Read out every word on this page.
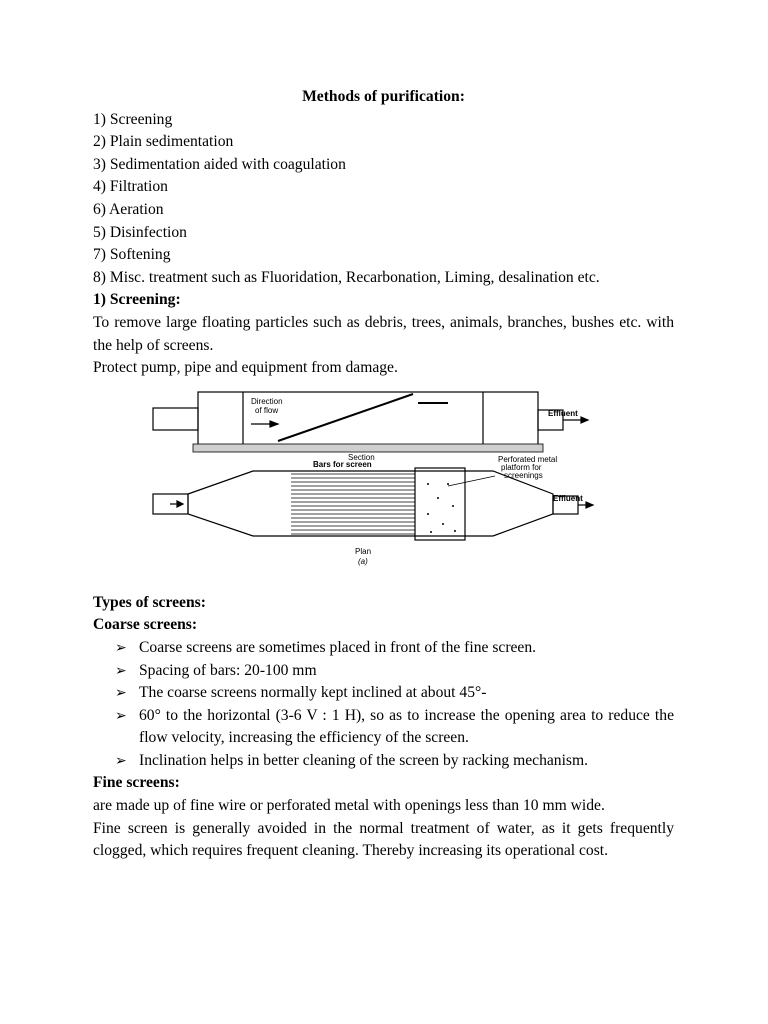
Methods of purification:

1) Screening
2) Plain sedimentation
3) Sedimentation aided with coagulation
4) Filtration
6) Aeration
5) Disinfection
7) Softening
8) Misc. treatment such as Fluoridation, Recarbonation, Liming, desalination etc.

1) Screening:

To remove large floating particles such as debris, trees, animals, branches, bushes etc. with the help of screens.

Protect pump, pipe and equipment from damage.

Direction
of flow	Effluent
Section
Bars for screen
Perforated metal
platform for
screenings
Effluent
Plan
(a)

Types of screens:

Coarse screens:

➢ Coarse screens are sometimes placed in front of the fine screen.
➢ Spacing of bars: 20-100 mm
➢ The coarse screens normally kept inclined at about 45°-
➢ 60° to the horizontal (3-6 V : 1 H), so as to increase the opening area to reduce the flow velocity, increasing the efficiency of the screen.
➢ Inclination helps in better cleaning of the screen by racking mechanism.

Fine screens:

are made up of fine wire or perforated metal with openings less than 10 mm wide.

Fine screen is generally avoided in the normal treatment of water, as it gets frequently clogged, which requires frequent cleaning. Thereby increasing its operational cost.
